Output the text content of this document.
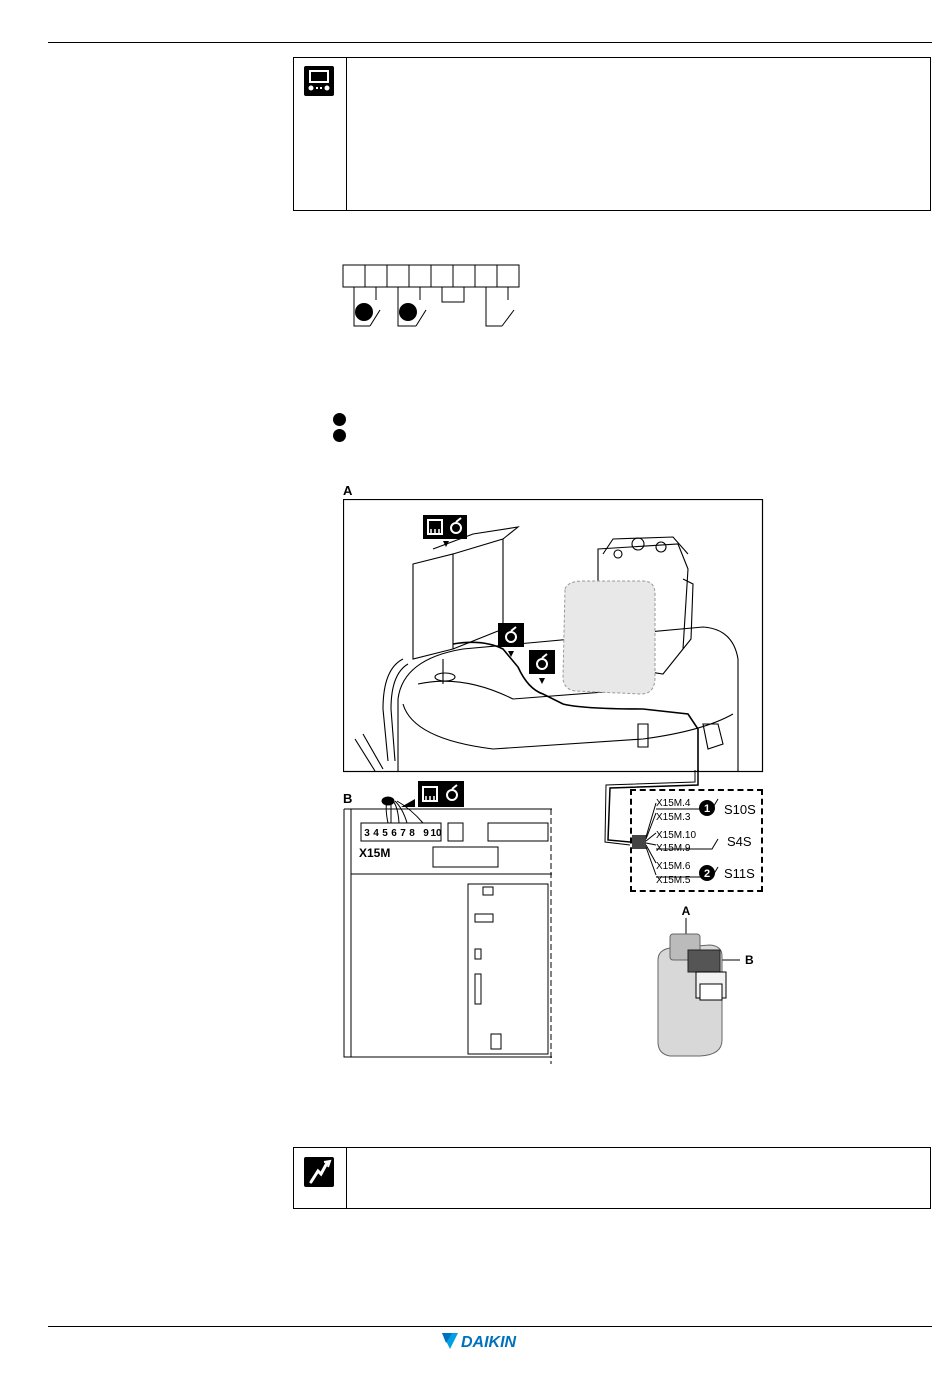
A
B
3 4 5 6 7 8 9 10
X15M
X15M.4
X15M.3
X15M.10
X15M.9
X15M.6
X15M.5
1
2
S10S
S4S
S11S
A
B
DAIKIN
